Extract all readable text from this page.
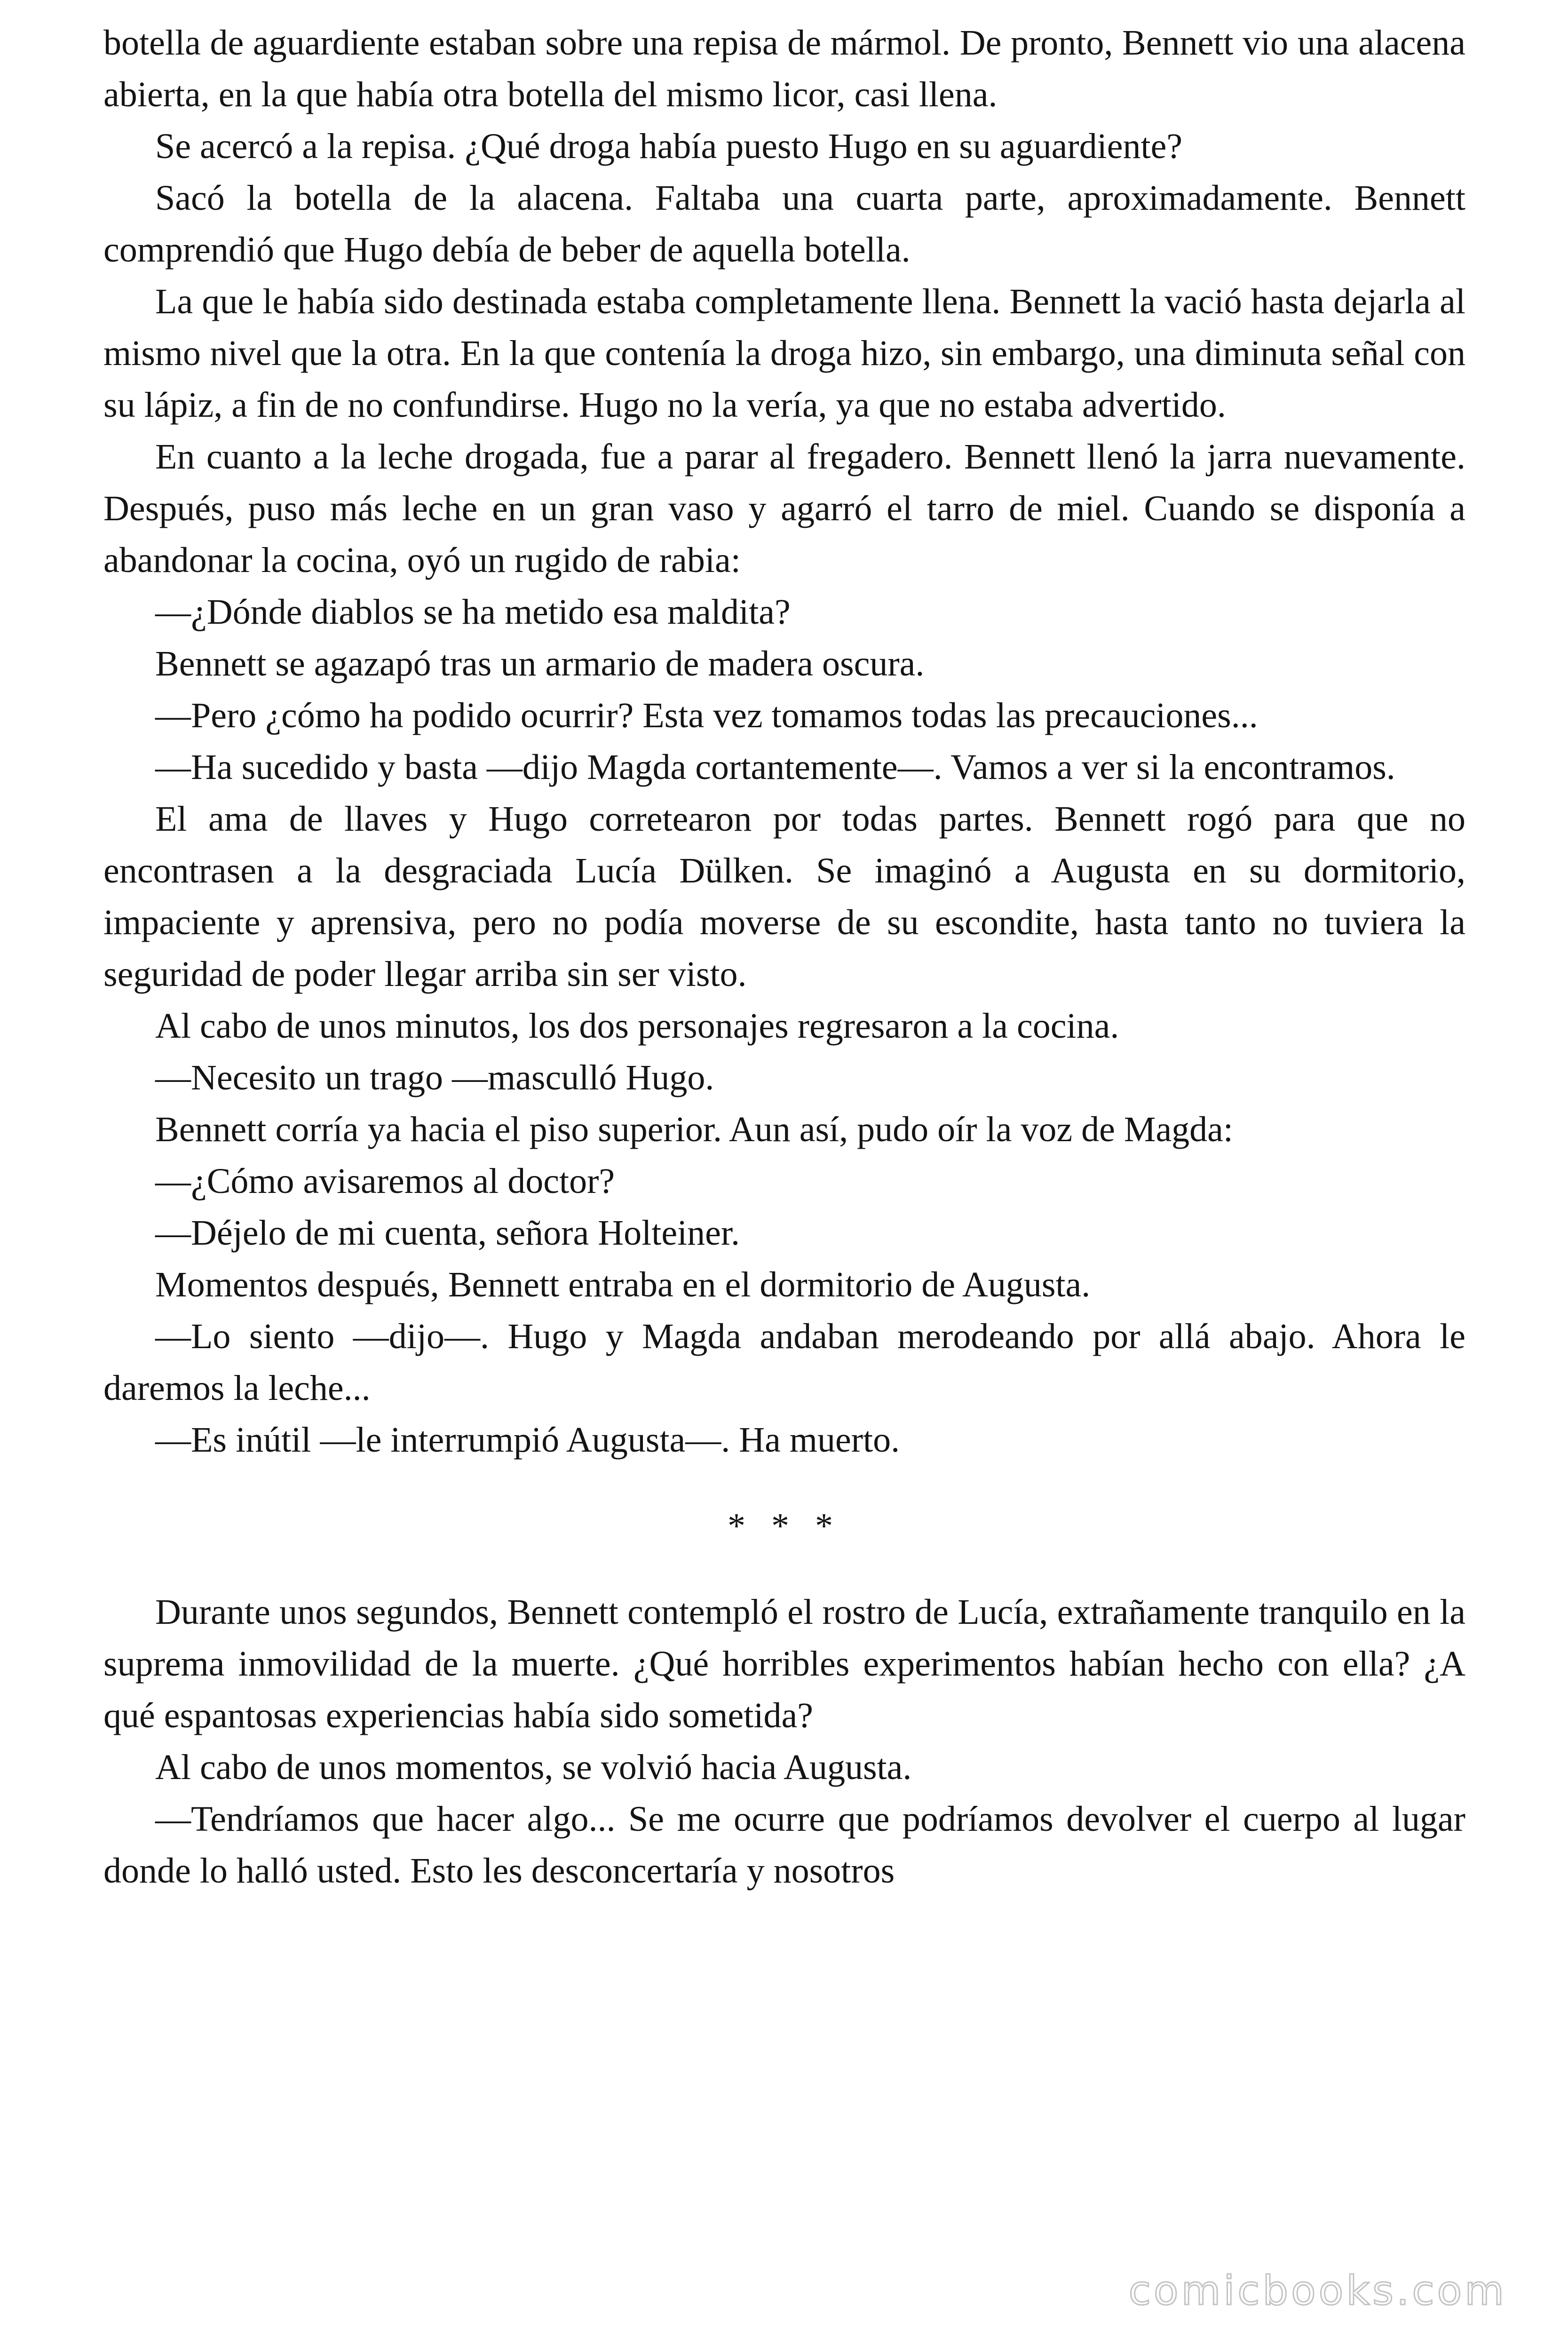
botella de aguardiente estaban sobre una repisa de mármol. De pronto, Bennett vio una alacena abierta, en la que había otra botella del mismo licor, casi llena.

Se acercó a la repisa. ¿Qué droga había puesto Hugo en su aguardiente?

Sacó la botella de la alacena. Faltaba una cuarta parte, aproximadamente. Bennett comprendió que Hugo debía de beber de aquella botella.

La que le había sido destinada estaba completamente llena. Bennett la vació hasta dejarla al mismo nivel que la otra. En la que contenía la droga hizo, sin embargo, una diminuta señal con su lápiz, a fin de no confundirse. Hugo no la vería, ya que no estaba advertido.

En cuanto a la leche drogada, fue a parar al fregadero. Bennett llenó la jarra nuevamente. Después, puso más leche en un gran vaso y agarró el tarro de miel. Cuando se disponía a abandonar la cocina, oyó un rugido de rabia:

—¿Dónde diablos se ha metido esa maldita?

Bennett se agazapó tras un armario de madera oscura.

—Pero ¿cómo ha podido ocurrir? Esta vez tomamos todas las precauciones...

—Ha sucedido y basta —dijo Magda cortantemente—. Vamos a ver si la encontramos.

El ama de llaves y Hugo corretearon por todas partes. Bennett rogó para que no encontrasen a la desgraciada Lucía Dülken. Se imaginó a Augusta en su dormitorio, impaciente y aprensiva, pero no podía moverse de su escondite, hasta tanto no tuviera la seguridad de poder llegar arriba sin ser visto.

Al cabo de unos minutos, los dos personajes regresaron a la cocina.

—Necesito un trago —masculló Hugo.

Bennett corría ya hacia el piso superior. Aun así, pudo oír la voz de Magda:

—¿Cómo avisaremos al doctor?

—Déjelo de mi cuenta, señora Holteiner.

Momentos después, Bennett entraba en el dormitorio de Augusta.

—Lo siento —dijo—. Hugo y Magda andaban merodeando por allá abajo. Ahora le daremos la leche...

—Es inútil —le interrumpió Augusta—. Ha muerto.

* * *

Durante unos segundos, Bennett contempló el rostro de Lucía, extrañamente tranquilo en la suprema inmovilidad de la muerte. ¿Qué horribles experimentos habían hecho con ella? ¿A qué espantosas experiencias había sido sometida?

Al cabo de unos momentos, se volvió hacia Augusta.

—Tendríamos que hacer algo... Se me ocurre que podríamos devolver el cuerpo al lugar donde lo halló usted. Esto les desconcertaría y nosotros

comicbooks.com
